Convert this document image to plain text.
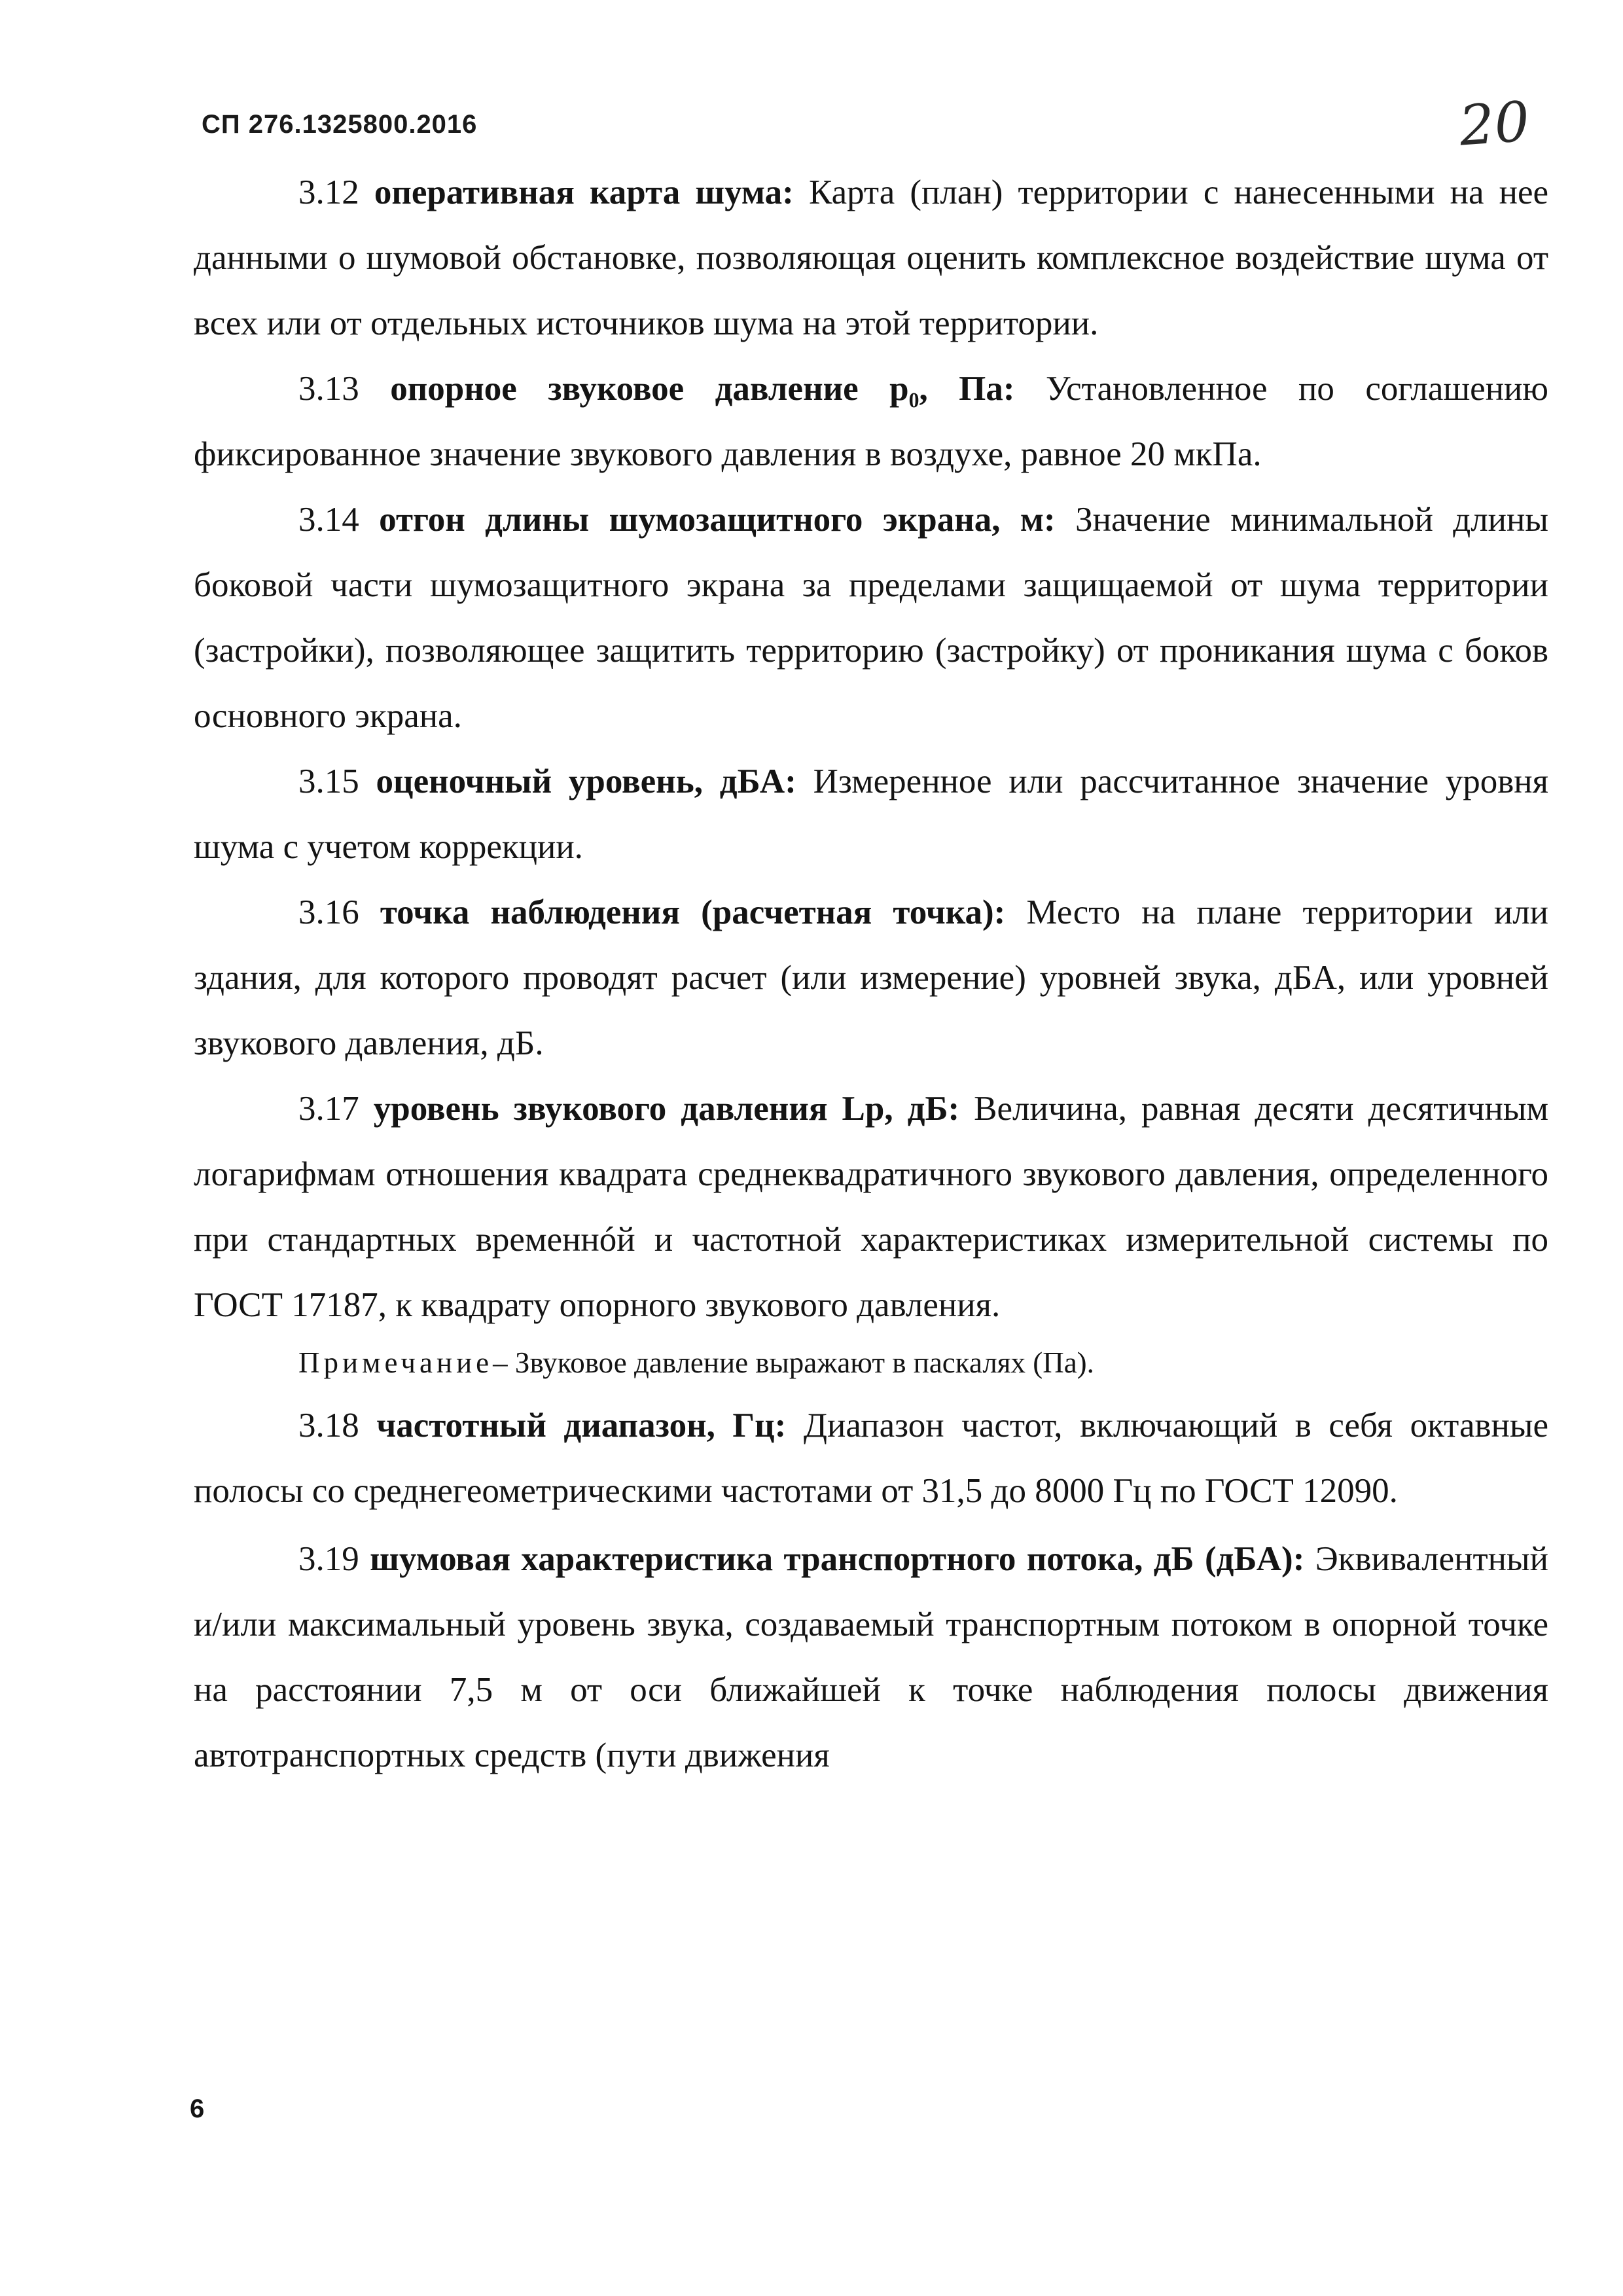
СП 276.1325800.2016	20

3.12 оперативная карта шума: Карта (план) территории с нанесенными на нее данными о шумовой обстановке, позволяющая оценить комплексное воздействие шума от всех или от отдельных источников шума на этой территории.

3.13 опорное звуковое давление p₀, Па: Установленное по соглашению фиксированное значение звукового давления в воздухе, равное 20 мкПа.

3.14 отгон длины шумозащитного экрана, м: Значение минимальной длины боковой части шумозащитного экрана за пределами защищаемой от шума территории (застройки), позволяющее защитить территорию (застройку) от проникания шума с боков основного экрана.

3.15 оценочный уровень, дБА: Измеренное или рассчитанное значение уровня шума с учетом коррекции.

3.16 точка наблюдения (расчетная точка): Место на плане территории или здания, для которого проводят расчет (или измерение) уровней звука, дБА, или уровней звукового давления, дБ.

3.17 уровень звукового давления Lp, дБ: Величина, равная десяти десятичным логарифмам отношения квадрата среднеквадратичного звукового давления, определенного при стандартных временнóй и частотной характеристиках измерительной системы по ГОСТ 17187, к квадрату опорного звукового давления.

Примечание– Звуковое давление выражают в паскалях (Па).

3.18 частотный диапазон, Гц: Диапазон частот, включающий в себя октавные полосы со среднегеометрическими частотами от 31,5 до 8000 Гц по ГОСТ 12090.

3.19 шумовая характеристика транспортного потока, дБ (дБА): Эквивалентный и/или максимальный уровень звука, создаваемый транспортным потоком в опорной точке на расстоянии 7,5 м от оси ближайшей к точке наблюдения полосы движения автотранспортных средств (пути движения

6
